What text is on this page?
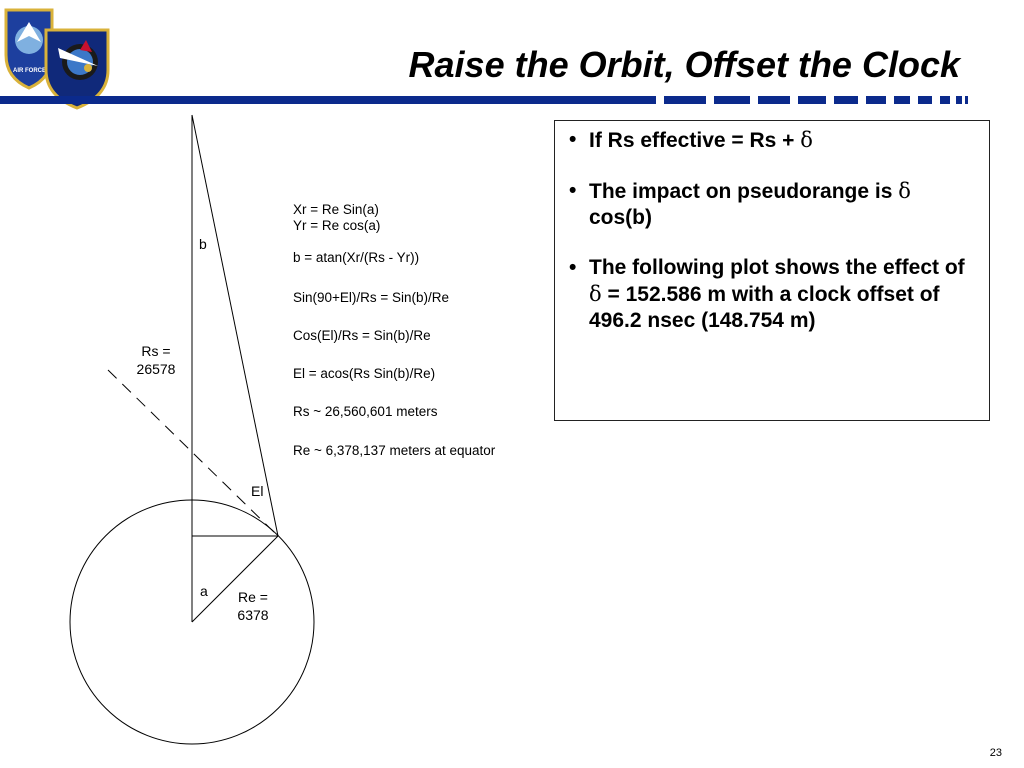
AIR FORCE	Raise the Orbit, Offset the Clock
b
El
a
Rs =
26578
Re =
6378
Xr = Re Sin(a)
Yr = Re cos(a)
b = atan(Xr/(Rs - Yr))
Sin(90+El)/Rs = Sin(b)/Re
Cos(El)/Rs = Sin(b)/Re
El = acos(Rs Sin(b)/Re)
Rs ~ 26,560,601 meters
Re ~ 6,378,137 meters at equator
• If Rs effective = Rs + δ
• The impact on pseudorange is δ cos(b)
• The following plot shows the effect of δ = 152.586 m with a clock offset of 496.2 nsec (148.754 m)
23
